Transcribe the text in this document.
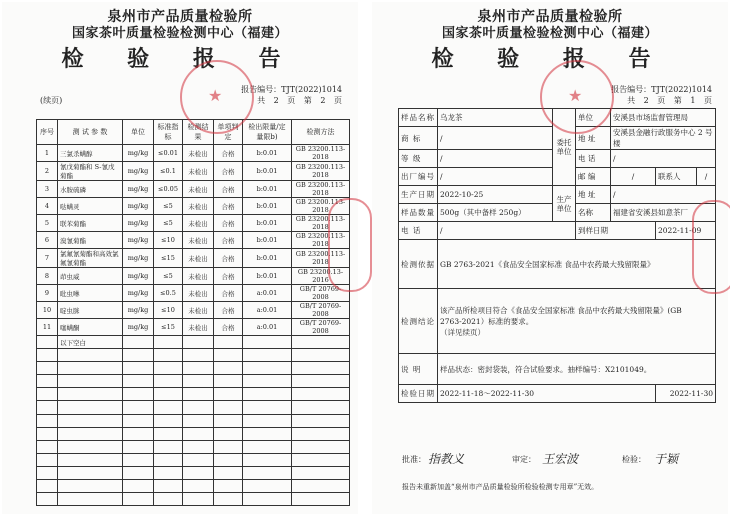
泉州市产品质量检验所
国家茶叶质量检验检测中心（福建）
检 验 报 告
报告编号：TJT(2022)1014
共 2 页 第 2 页
(续页)
序号	测 试 参 数	单位	标准指标	检测结果	单项判定	检出限量/定量限b)	检测方法
1	三氯杀螨醇	mg/kg	≤0.01	未检出	合格	b:0.01	GB 23200.113-2018
2	氰戊菊酯和 S-氰戊菊酯	mg/kg	≤0.1	未检出	合格	b:0.01	GB 23200.113-2018
3	水胺硫磷	mg/kg	≤0.05	未检出	合格	b:0.01	GB 23200.113-2018
4	哒螨灵	mg/kg	≤5	未检出	合格	b:0.01	GB 23200.113-2018
5	联苯菊酯	mg/kg	≤5	未检出	合格	b:0.01	GB 23200.113-2018
6	溴氰菊酯	mg/kg	≤10	未检出	合格	b:0.01	GB 23200.113-2018
7	氯氟氰菊酯和高效氯氟氰菊酯	mg/kg	≤15	未检出	合格	b:0.01	GB 23200.113-2018
8	茚虫威	mg/kg	≤5	未检出	合格	b:0.01	GB 23200.13-2016
9	吡虫啉	mg/kg	≤0.5	未检出	合格	a:0.01	GB/T 20769-2008
10	啶虫脒	mg/kg	≤10	未检出	合格	a:0.01	GB/T 20769-2008
11	噻螨酮	mg/kg	≤15	未检出	合格	a:0.01	GB/T 20769-2008
	以下空白						

★
泉州市产品质量检验所
国家茶叶质量检验检测中心（福建）
检 验 报 告
报告编号：TJT(2022)1014
共 2 页 第 1 页
样品名称	乌龙茶	委托单位	单位	安溪县市场监督管理局		
商 标	/		地 址	安溪县金融行政服务中心 2 号楼		
等 级	/		电 话	/		
出厂编号	/		邮 编	/	联系人	/
生产日期	2022-10-25	生产单位	地 址	/		
样品数量	500g（其中备样 250g）		名称	福建省安溪县如意茶厂		
电 话	/		到样日期		2022-11-09	
检测依据	GB 2763-2021《食品安全国家标准 食品中农药最大残留限量》					
检测结论	该产品所检项目符合《食品安全国家标准 食品中农药最大残留限量》(GB
2763-2021）标准的要求。
（详见续页）					

说 明	样品状态：密封袋装，符合试验要求。抽样编号：X2101049。					
检验日期	2022-11-18～2022-11-30				2022-11-30	
批准： 指教义	审定： 王宏波	检验： 于颖
报告未重新加盖“泉州市产品质量检验所检验检测专用章”无效。
★
